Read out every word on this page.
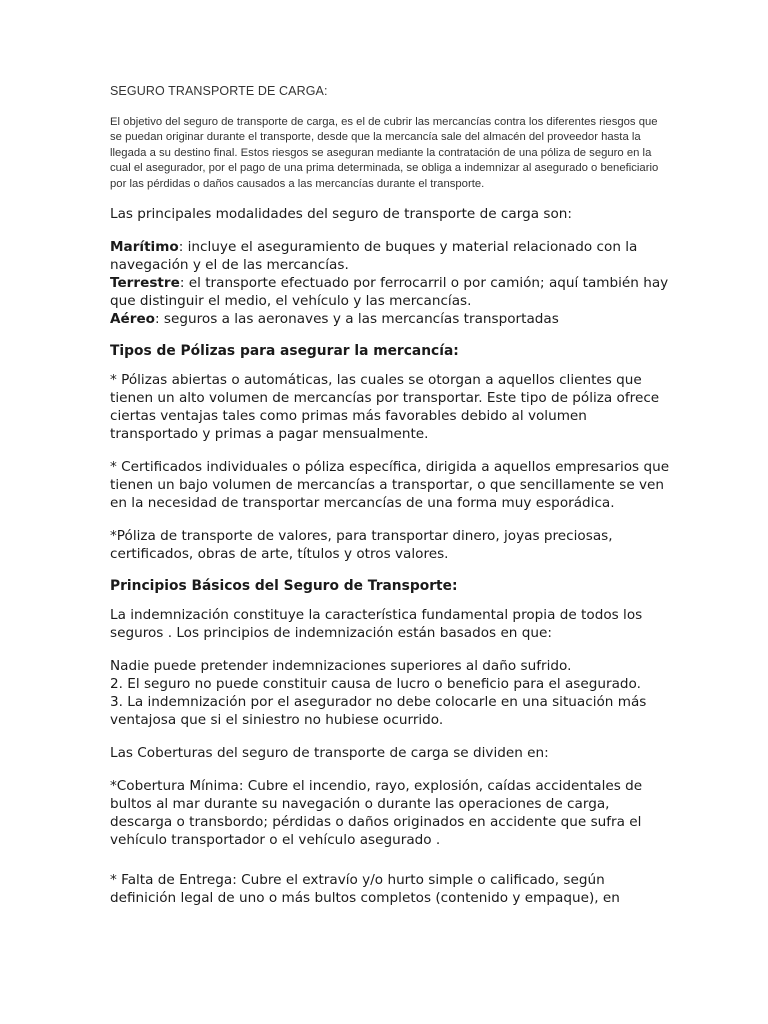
SEGURO TRANSPORTE DE CARGA:

El objetivo del seguro de transporte de carga, es el de cubrir las mercancías contra los diferentes riesgos que se puedan originar durante el transporte, desde que la mercancía sale del almacén del proveedor hasta la llegada a su destino final. Estos riesgos se aseguran mediante la contratación de una póliza de seguro en la cual el asegurador, por el pago de una prima determinada, se obliga a indemnizar al asegurado o beneficiario por las pérdidas o daños causados a las mercancías durante el transporte.

Las principales modalidades del seguro de transporte de carga son:

Marítimo: incluye el aseguramiento de buques y material relacionado con la navegación y el de las mercancías.
Terrestre: el transporte efectuado por ferrocarril o por camión; aquí también hay que distinguir el medio, el vehículo y las mercancías.
Aéreo: seguros a las aeronaves y a las mercancías transportadas

Tipos de Pólizas para asegurar la mercancía:

* Pólizas abiertas o automáticas, las cuales se otorgan a aquellos clientes que tienen un alto volumen de mercancías por transportar. Este tipo de póliza ofrece ciertas ventajas tales como primas más favorables debido al volumen transportado y primas a pagar mensualmente.

* Certificados individuales o póliza específica, dirigida a aquellos empresarios que tienen un bajo volumen de mercancías a transportar, o que sencillamente se ven en la necesidad de transportar mercancías de una forma muy esporádica.

*Póliza de transporte de valores, para transportar dinero, joyas preciosas, certificados, obras de arte, títulos y otros valores.

Principios Básicos del Seguro de Transporte:

La indemnización constituye la característica fundamental propia de todos los seguros . Los principios de indemnización están basados en que:

Nadie puede pretender indemnizaciones superiores al daño sufrido.
2. El seguro no puede constituir causa de lucro o beneficio para el asegurado.
3. La indemnización por el asegurador no debe colocarle en una situación más ventajosa que si el siniestro no hubiese ocurrido.

Las Coberturas del seguro de transporte de carga se dividen en:

*Cobertura Mínima: Cubre el incendio, rayo, explosión, caídas accidentales de bultos al mar durante su navegación o durante las operaciones de carga, descarga o transbordo; pérdidas o daños originados en accidente que sufra el vehículo transportador o el vehículo asegurado .

* Falta de Entrega: Cubre el extravío y/o hurto simple o calificado, según definición legal de uno o más bultos completos (contenido y empaque), en
